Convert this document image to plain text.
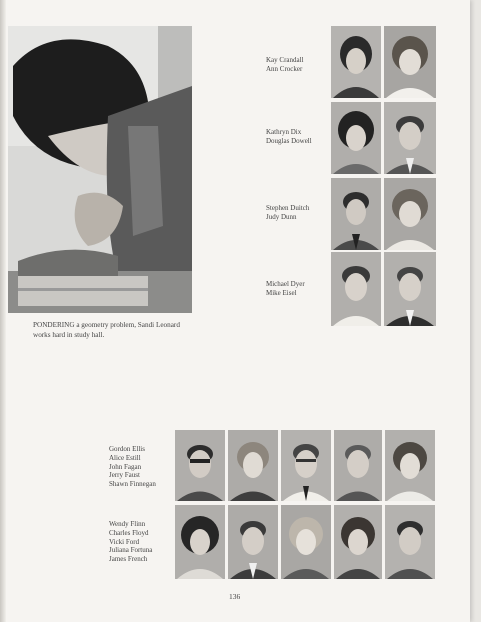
PONDERING a geometry problem, Sandi Leonard works hard in study hall.
Kay Crandall
Ann Crocker
Kathryn Dix
Douglas Dowell
Stephen Duitch
Judy Dunn
Michael Dyer
Mike Eisel
Gordon Ellis
Alice Estill
John Fagan
Jerry Faust
Shawn Finnegan
Wendy Flinn
Charles Floyd
Vicki Ford
Juliana Fortuna
James French
136
